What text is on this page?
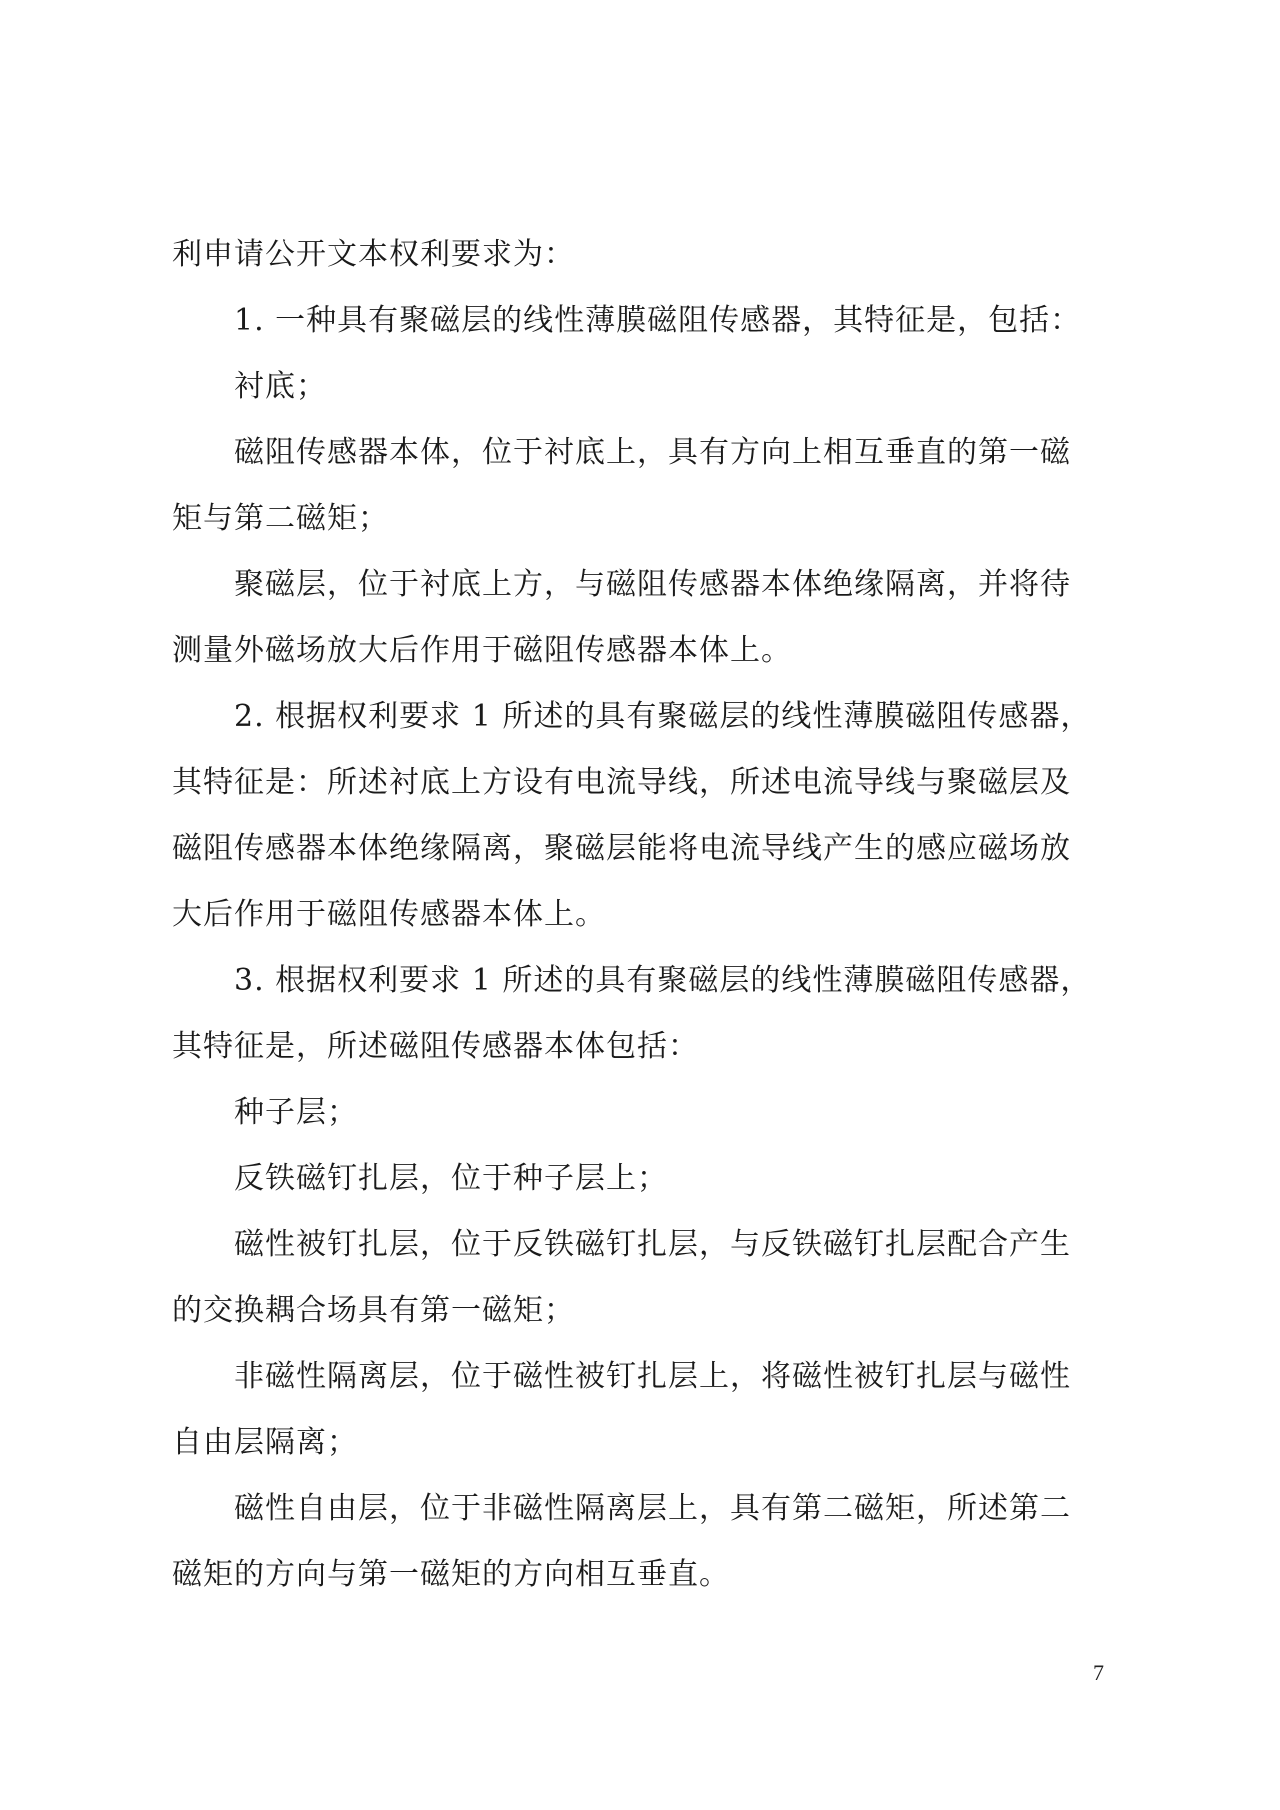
利申请公开文本权利要求为：
1. 一种具有聚磁层的线性薄膜磁阻传感器，其特征是，包括：
衬底；
磁阻传感器本体，位于衬底上，具有方向上相互垂直的第一磁
矩与第二磁矩；
聚磁层，位于衬底上方，与磁阻传感器本体绝缘隔离，并将待
测量外磁场放大后作用于磁阻传感器本体上。
2. 根据权利要求 1 所述的具有聚磁层的线性薄膜磁阻传感器，
其特征是：所述衬底上方设有电流导线，所述电流导线与聚磁层及
磁阻传感器本体绝缘隔离，聚磁层能将电流导线产生的感应磁场放
大后作用于磁阻传感器本体上。
3. 根据权利要求 1 所述的具有聚磁层的线性薄膜磁阻传感器，
其特征是，所述磁阻传感器本体包括：
种子层；
反铁磁钉扎层，位于种子层上；
磁性被钉扎层，位于反铁磁钉扎层，与反铁磁钉扎层配合产生
的交换耦合场具有第一磁矩；
非磁性隔离层，位于磁性被钉扎层上，将磁性被钉扎层与磁性
自由层隔离；
磁性自由层，位于非磁性隔离层上，具有第二磁矩，所述第二
磁矩的方向与第一磁矩的方向相互垂直。
7
